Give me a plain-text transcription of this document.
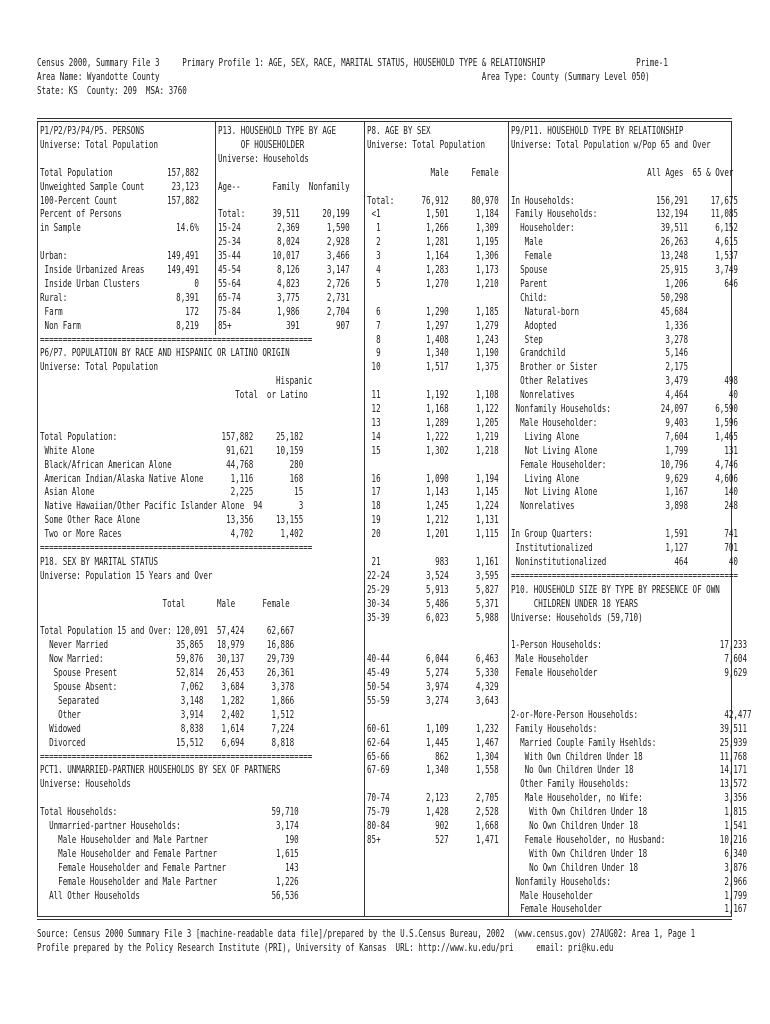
Census 2000, Summary File 3     Primary Profile 1: AGE, SEX, RACE, MARITAL STATUS, HOUSEHOLD TYPE & RELATIONSHIP                    Prime-1
Area Name: Wyandotte County                                                                       Area Type: County (Summary Level 050)
State: KS  County: 209  MSA: 3760
P1/P2/P3/P4/P5. PERSONS
Universe: Total Population
Total Population            157,882
Unweighted Sample Count      23,123
100-Percent Count           157,882
Percent of Persons
in Sample                     14.6%
Urban:                      149,491
Inside Urbanized Areas     149,491
Inside Urban Clusters            0
Rural:                        8,391
Farm                           172
Non Farm                     8,219
============================================================
P6/P7. POPULATION BY RACE AND HISPANIC OR LATINO ORIGIN
Universe: Total Population
Hispanic
Total  or Latino
Total Population:                       157,882     25,182
White Alone                             91,621     10,159
Black/African American Alone            44,768        280
American Indian/Alaska Native Alone      1,116        168
Asian Alone                              2,225         15
Native Hawaiian/Other Pacific Islander Alone  94        3
Some Other Race Alone                   13,356     13,155
Two or More Races                        4,702      1,402
============================================================
P18. SEX BY MARITAL STATUS
Universe: Population 15 Years and Over
Total       Male      Female
Total Population 15 and Over: 120,091  57,424     62,667
Never Married               35,865   18,979     16,886
Now Married:                59,876   30,137     29,739
Spouse Present             52,814   26,453     26,361
Spouse Absent:              7,062    3,684      3,378
Separated                  3,148    1,282      1,866
Other                      3,914    2,402      1,512
Widowed                      8,838    1,614      7,224
Divorced                    15,512    6,694      8,818
============================================================
PCT1. UNMARRIED-PARTNER HOUSEHOLDS BY SEX OF PARTNERS
Universe: Households
Total Households:                                  59,710
Unmarried-partner Households:                     3,174
Male Householder and Male Partner                 190
Male Householder and Female Partner             1,615
Female Householder and Female Partner             143
Female Householder and Male Partner             1,226
All Other Households                             56,536
P13. HOUSEHOLD TYPE BY AGE
OF HOUSEHOLDER
Universe: Households
Age--       Family  Nonfamily
Total:      39,511     20,199
15-24        2,369      1,590
25-34        8,024      2,928
35-44       10,017      3,466
45-54        8,126      3,147
55-64        4,823      2,726
65-74        3,775      2,731
75-84        1,986      2,704
85+            391        907
P8. AGE BY SEX
Universe: Total Population
Male     Female
Total:      76,912     80,970
<1          1,501      1,184
1          1,266      1,309
2          1,281      1,195
3          1,164      1,306
4          1,283      1,173
5          1,270      1,210
6          1,290      1,185
7          1,297      1,279
8          1,408      1,243
9          1,340      1,190
10          1,517      1,375
11          1,192      1,108
12          1,168      1,122
13          1,289      1,205
14          1,222      1,219
15          1,302      1,218
16          1,090      1,194
17          1,143      1,145
18          1,245      1,224
19          1,212      1,131
20          1,201      1,115
21            983      1,161
22-24        3,524      3,595
25-29        5,913      5,827
30-34        5,486      5,371
35-39        6,023      5,988
40-44        6,044      6,463
45-49        5,274      5,330
50-54        3,974      4,329
55-59        3,274      3,643
60-61        1,109      1,232
62-64        1,445      1,467
65-66          862      1,304
67-69        1,340      1,558
70-74        2,123      2,705
75-79        1,428      2,528
80-84          902      1,668
85+            527      1,471
P9/P11. HOUSEHOLD TYPE BY RELATIONSHIP
Universe: Total Population w/Pop 65 and Over
All Ages  65 & Over
In Households:                  156,291     17,675
Family Households:             132,194     11,085
Householder:                   39,511      6,152
Male                          26,263      4,615
Female                        13,248      1,537
Spouse                         25,915      3,749
Parent                          1,206        646
Child:                         50,298
Natural-born                  45,684
Adopted                        1,336
Step                           3,278
Grandchild                      5,146
Brother or Sister               2,175
Other Relatives                 3,479        498
Nonrelatives                    4,464         40
Nonfamily Households:           24,097      6,590
Male Householder:               9,403      1,596
Living Alone                   7,604      1,465
Not Living Alone               1,799        131
Female Householder:            10,796      4,746
Living Alone                   9,629      4,606
Not Living Alone               1,167        140
Nonrelatives                    3,898        248
In Group Quarters:                1,591        741
Institutionalized                1,127        701
Noninstitutionalized               464         40
==================================================
P10. HOUSEHOLD SIZE BY TYPE BY PRESENCE OF OWN
CHILDREN UNDER 18 YEARS
Universe: Households (59,710)
1-Person Households:                          17,233
Male Householder                              7,604
Female Householder                            9,629
2-or-More-Person Households:                   42,477
Family Households:                           39,511
Married Couple Family Hsehlds:              25,939
With Own Children Under 18                 11,768
No Own Children Under 18                   14,171
Other Family Households:                    13,572
Male Householder, no Wife:                  3,356
With Own Children Under 18                 1,815
No Own Children Under 18                   1,541
Female Householder, no Husband:            10,216
With Own Children Under 18                 6,340
No Own Children Under 18                   3,876
Nonfamily Households:                         2,966
Male Householder                             1,799
Female Householder                           1,167
Source: Census 2000 Summary File 3 [machine-readable data file]/prepared by the U.S.Census Bureau, 2002  (www.census.gov) 27AUG02: Area 1, Page 1
Profile prepared by the Policy Research Institute (PRI), University of Kansas  URL: http://www.ku.edu/pri     email: pri@ku.edu
